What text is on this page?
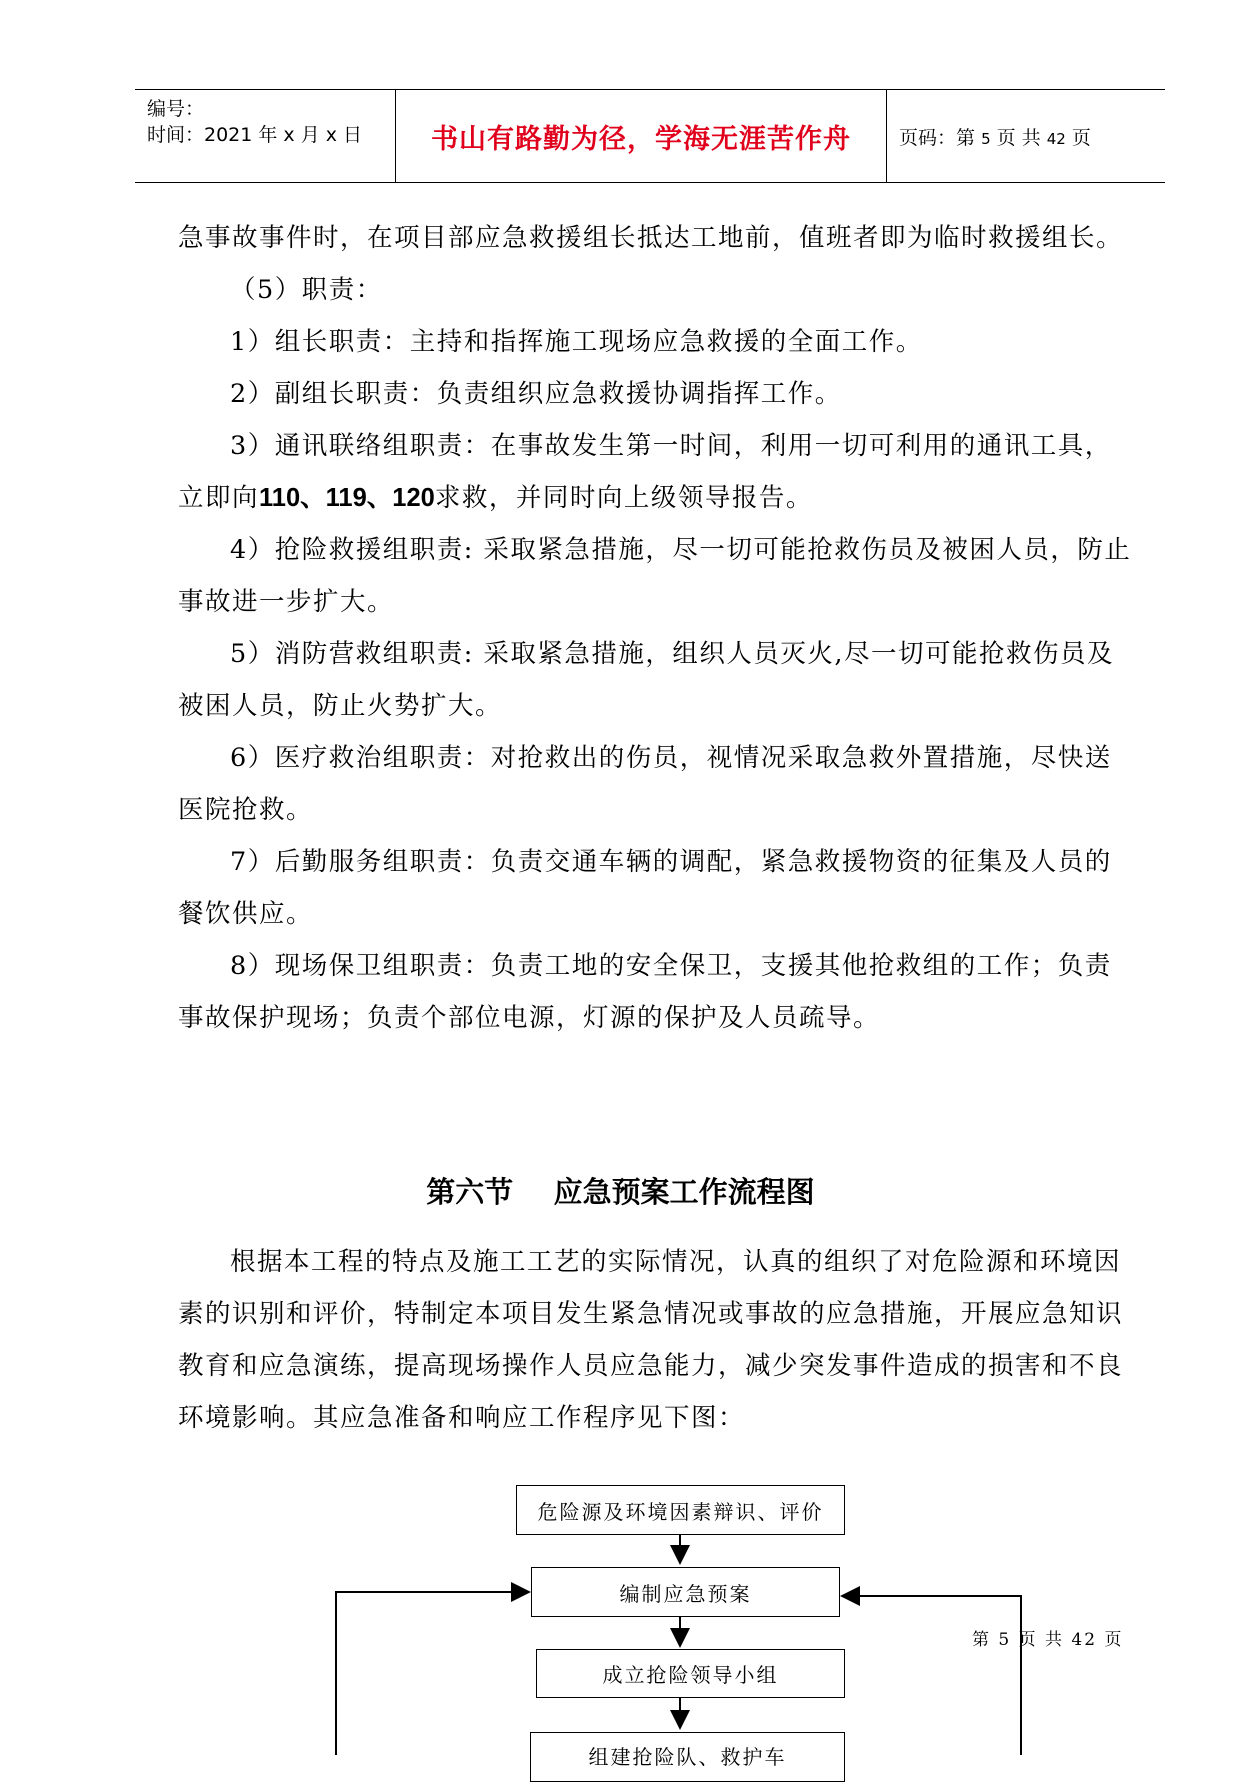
编号：
时间：2021 年 x 月 x 日	书山有路勤为径，学海无涯苦作舟	页码：第 5 页 共 42 页

急事故事件时，在项目部应急救援组长抵达工地前，值班者即为临时救援组长。

（5）职责：

1）组长职责：主持和指挥施工现场应急救援的全面工作。

2）副组长职责：负责组织应急救援协调指挥工作。

3）通讯联络组职责：在事故发生第一时间，利用一切可利用的通讯工具，立即向110、119、120求救，并同时向上级领导报告。

4）抢险救援组职责: 采取紧急措施，尽一切可能抢救伤员及被困人员，防止事故进一步扩大。

5）消防营救组职责: 采取紧急措施，组织人员灭火,尽一切可能抢救伤员及被困人员，防止火势扩大。

6）医疗救治组职责：对抢救出的伤员，视情况采取急救外置措施，尽快送医院抢救。

7）后勤服务组职责：负责交通车辆的调配，紧急救援物资的征集及人员的餐饮供应。

8）现场保卫组职责：负责工地的安全保卫，支援其他抢救组的工作；负责事故保护现场；负责个部位电源，灯源的保护及人员疏导。

第六节    应急预案工作流程图

根据本工程的特点及施工工艺的实际情况，认真的组织了对危险源和环境因素的识别和评价，特制定本项目发生紧急情况或事故的应急措施，开展应急知识教育和应急演练，提高现场操作人员应急能力，减少突发事件造成的损害和不良环境影响。其应急准备和响应工作程序见下图：

危险源及环境因素辩识、评价
编制应急预案
成立抢险领导小组
组建抢险队、救护车
第 5 页 共 42 页
